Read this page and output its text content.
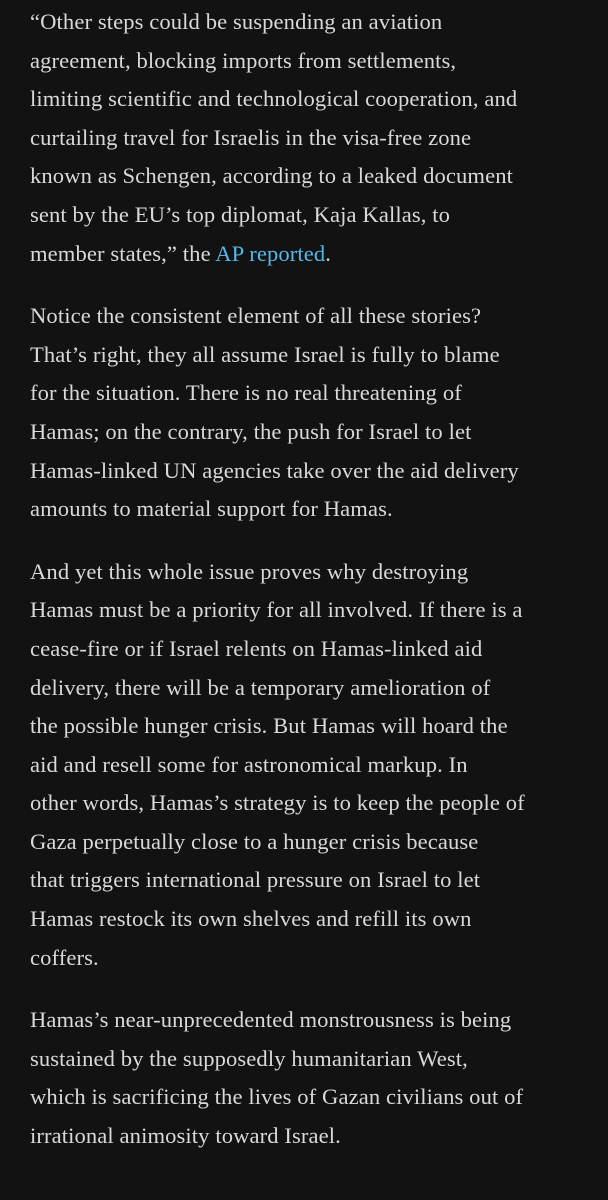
“Other steps could be suspending an aviation
agreement, blocking imports from settlements,
limiting scientific and technological cooperation, and
curtailing travel for Israelis in the visa-free zone
known as Schengen, according to a leaked document
sent by the EU’s top diplomat, Kaja Kallas, to
member states,” the AP reported.

Notice the consistent element of all these stories?
That’s right, they all assume Israel is fully to blame
for the situation. There is no real threatening of
Hamas; on the contrary, the push for Israel to let
Hamas-linked UN agencies take over the aid delivery
amounts to material support for Hamas.

And yet this whole issue proves why destroying
Hamas must be a priority for all involved. If there is a
cease-fire or if Israel relents on Hamas-linked aid
delivery, there will be a temporary amelioration of
the possible hunger crisis. But Hamas will hoard the
aid and resell some for astronomical markup. In
other words, Hamas’s strategy is to keep the people of
Gaza perpetually close to a hunger crisis because
that triggers international pressure on Israel to let
Hamas restock its own shelves and refill its own
coffers.

Hamas’s near-unprecedented monstrousness is being
sustained by the supposedly humanitarian West,
which is sacrificing the lives of Gazan civilians out of
irrational animosity toward Israel.
